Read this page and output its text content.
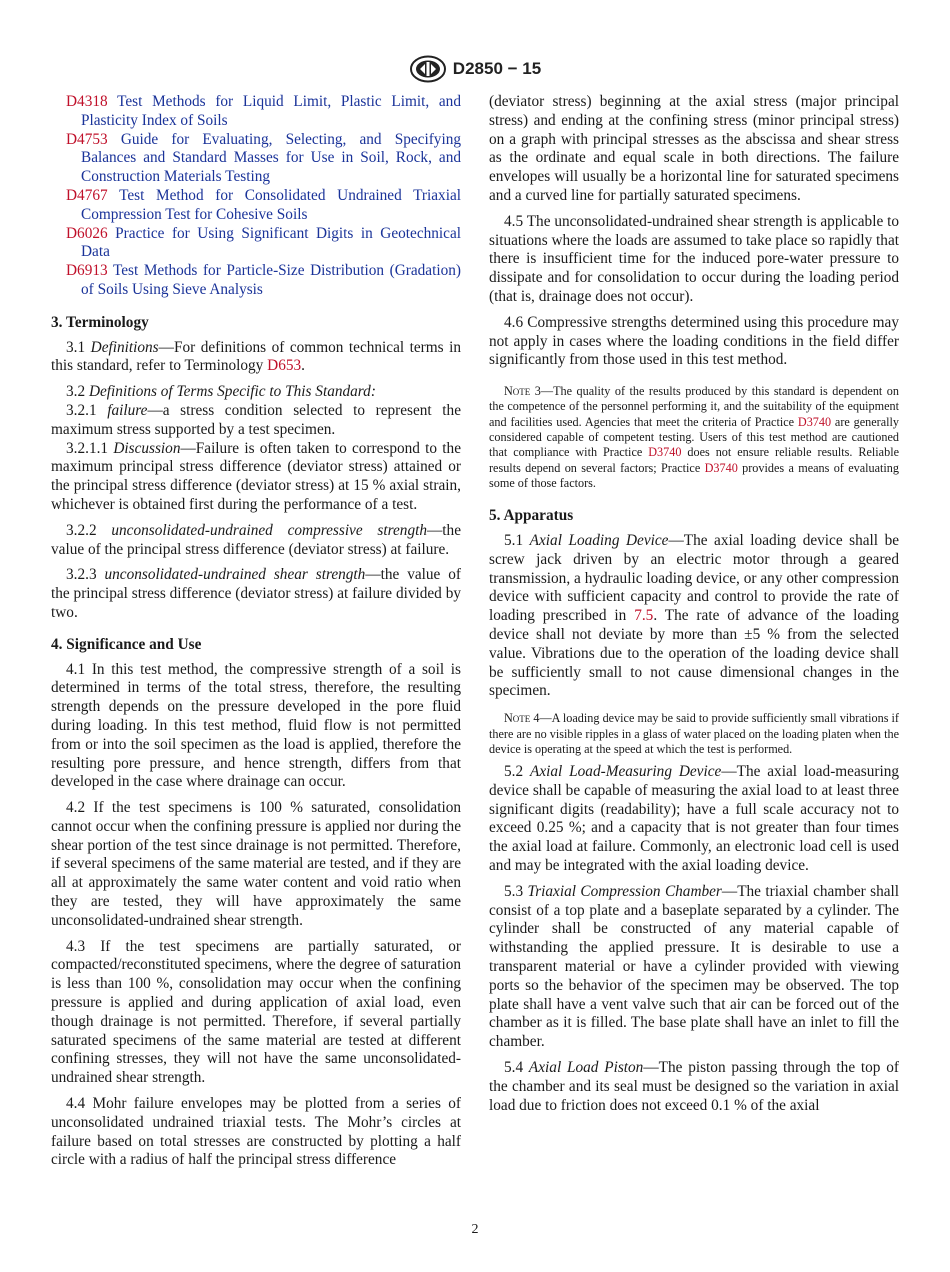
D2850 − 15

D4318 Test Methods for Liquid Limit, Plastic Limit, and Plasticity Index of Soils

D4753 Guide for Evaluating, Selecting, and Specifying Balances and Standard Masses for Use in Soil, Rock, and Construction Materials Testing

D4767 Test Method for Consolidated Undrained Triaxial Compression Test for Cohesive Soils

D6026 Practice for Using Significant Digits in Geotechnical Data

D6913 Test Methods for Particle-Size Distribution (Gradation) of Soils Using Sieve Analysis

3. Terminology

3.1 Definitions—For definitions of common technical terms in this standard, refer to Terminology D653.

3.2 Definitions of Terms Specific to This Standard:

3.2.1 failure—a stress condition selected to represent the maximum stress supported by a test specimen.

3.2.1.1 Discussion—Failure is often taken to correspond to the maximum principal stress difference (deviator stress) attained or the principal stress difference (deviator stress) at 15 % axial strain, whichever is obtained first during the performance of a test.

3.2.2 unconsolidated-undrained compressive strength—the value of the principal stress difference (deviator stress) at failure.

3.2.3 unconsolidated-undrained shear strength—the value of the principal stress difference (deviator stress) at failure divided by two.

4. Significance and Use

4.1 In this test method, the compressive strength of a soil is determined in terms of the total stress, therefore, the resulting strength depends on the pressure developed in the pore fluid during loading. In this test method, fluid flow is not permitted from or into the soil specimen as the load is applied, therefore the resulting pore pressure, and hence strength, differs from that developed in the case where drainage can occur.

4.2 If the test specimens is 100 % saturated, consolidation cannot occur when the confining pressure is applied nor during the shear portion of the test since drainage is not permitted. Therefore, if several specimens of the same material are tested, and if they are all at approximately the same water content and void ratio when they are tested, they will have approximately the same unconsolidated-undrained shear strength.

4.3 If the test specimens are partially saturated, or compacted/reconstituted specimens, where the degree of saturation is less than 100 %, consolidation may occur when the confining pressure is applied and during application of axial load, even though drainage is not permitted. Therefore, if several partially saturated specimens of the same material are tested at different confining stresses, they will not have the same unconsolidated-undrained shear strength.

4.4 Mohr failure envelopes may be plotted from a series of unconsolidated undrained triaxial tests. The Mohr’s circles at failure based on total stresses are constructed by plotting a half circle with a radius of half the principal stress difference

(deviator stress) beginning at the axial stress (major principal stress) and ending at the confining stress (minor principal stress) on a graph with principal stresses as the abscissa and shear stress as the ordinate and equal scale in both directions. The failure envelopes will usually be a horizontal line for saturated specimens and a curved line for partially saturated specimens.

4.5 The unconsolidated-undrained shear strength is applicable to situations where the loads are assumed to take place so rapidly that there is insufficient time for the induced pore-water pressure to dissipate and for consolidation to occur during the loading period (that is, drainage does not occur).

4.6 Compressive strengths determined using this procedure may not apply in cases where the loading conditions in the field differ significantly from those used in this test method.

Note 3—The quality of the results produced by this standard is dependent on the competence of the personnel performing it, and the suitability of the equipment and facilities used. Agencies that meet the criteria of Practice D3740 are generally considered capable of competent testing. Users of this test method are cautioned that compliance with Practice D3740 does not ensure reliable results. Reliable results depend on several factors; Practice D3740 provides a means of evaluating some of those factors.

5. Apparatus

5.1 Axial Loading Device—The axial loading device shall be screw jack driven by an electric motor through a geared transmission, a hydraulic loading device, or any other compression device with sufficient capacity and control to provide the rate of loading prescribed in 7.5. The rate of advance of the loading device shall not deviate by more than ±5 % from the selected value. Vibrations due to the operation of the loading device shall be sufficiently small to not cause dimensional changes in the specimen.

Note 4—A loading device may be said to provide sufficiently small vibrations if there are no visible ripples in a glass of water placed on the loading platen when the device is operating at the speed at which the test is performed.

5.2 Axial Load-Measuring Device—The axial load-measuring device shall be capable of measuring the axial load to at least three significant digits (readability); have a full scale accuracy not to exceed 0.25 %; and a capacity that is not greater than four times the axial load at failure. Commonly, an electronic load cell is used and may be integrated with the axial loading device.

5.3 Triaxial Compression Chamber—The triaxial chamber shall consist of a top plate and a baseplate separated by a cylinder. The cylinder shall be constructed of any material capable of withstanding the applied pressure. It is desirable to use a transparent material or have a cylinder provided with viewing ports so the behavior of the specimen may be observed. The top plate shall have a vent valve such that air can be forced out of the chamber as it is filled. The base plate shall have an inlet to fill the chamber.

5.4 Axial Load Piston—The piston passing through the top of the chamber and its seal must be designed so the variation in axial load due to friction does not exceed 0.1 % of the axial

2
